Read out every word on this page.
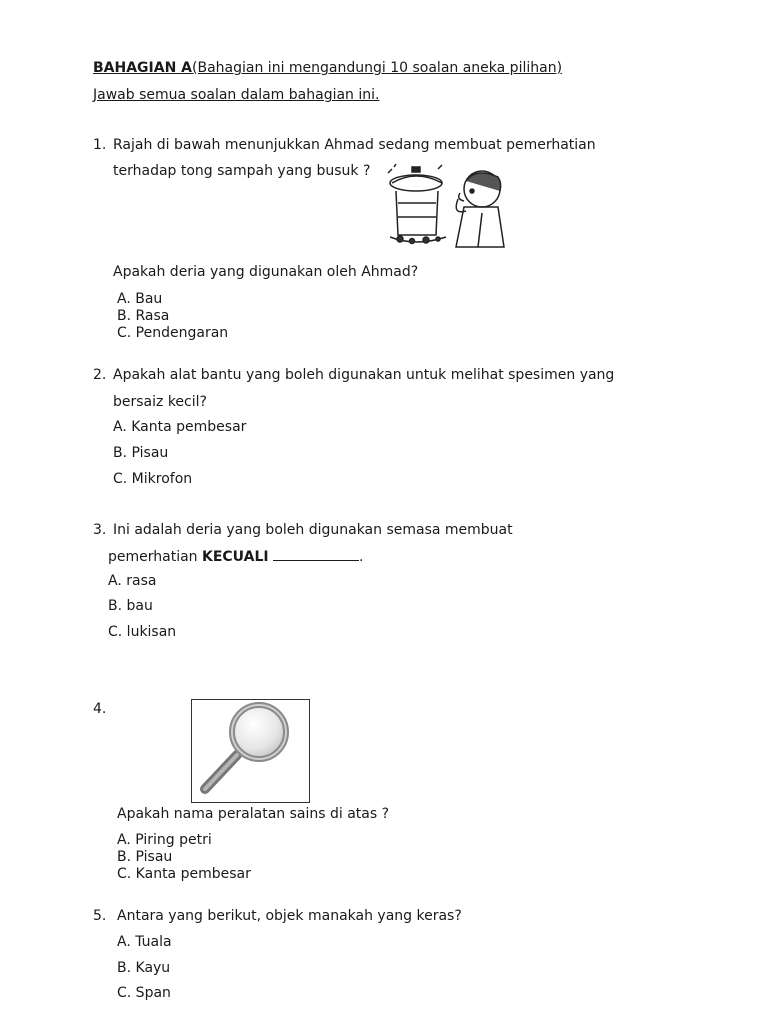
BAHAGIAN A(Bahagian ini mengandungi 10 soalan aneka pilihan)
Jawab semua soalan dalam bahagian ini.
1. Rajah di bawah menunjukkan Ahmad sedang membuat pemerhatian
terhadap tong sampah yang busuk ?
Apakah deria yang digunakan oleh Ahmad?
A. Bau
B. Rasa
C. Pendengaran
2. Apakah alat bantu yang boleh digunakan untuk melihat spesimen yang
bersaiz kecil?
A. Kanta pembesar
B. Pisau
C. Mikrofon
3. Ini adalah deria yang boleh digunakan semasa membuat
pemerhatian KECUALI	.
A. rasa
B. bau
C. lukisan
4.
Apakah nama peralatan sains di atas ?
A. Piring petri
B. Pisau
C. Kanta pembesar
5. Antara yang berikut, objek manakah yang keras?
A. Tuala
B. Kayu
C. Span
